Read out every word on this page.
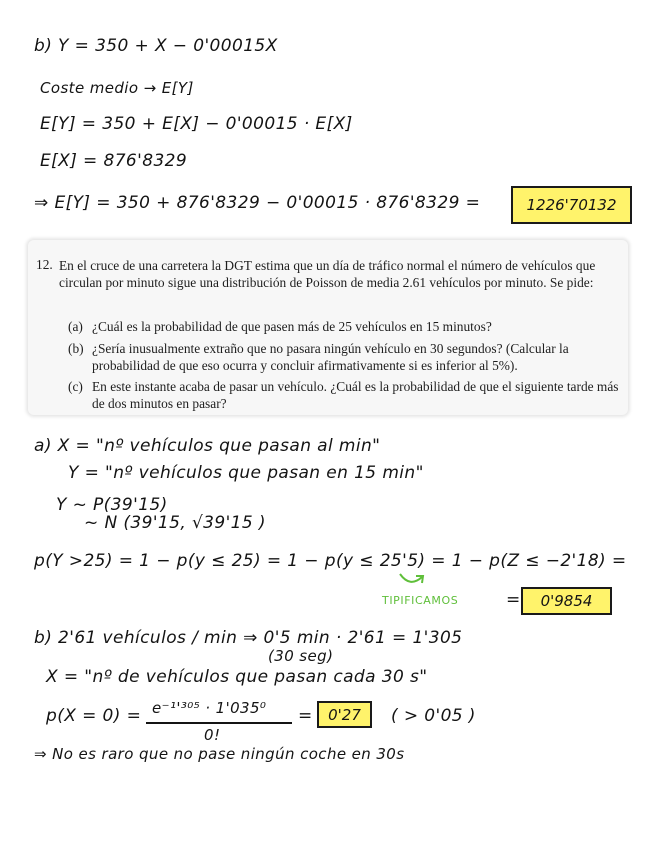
b) Y = 350 + X − 0'00015X
Coste medio → E[Y]
E[Y] = 350 + E[X] − 0'00015 · E[X]
E[X] = 876'8329
⇒ E[Y] = 350 + 876'8329 − 0'00015 · 876'8329 =	1226'70132
12. En el cruce de una carretera la DGT estima que un día de tráfico normal el número de vehículos que circulan por minuto sigue una distribución de Poisson de media 2.61 vehículos por minuto. Se pide:
(a) ¿Cuál es la probabilidad de que pasen más de 25 vehículos en 15 minutos?
(b) ¿Sería inusualmente extraño que no pasara ningún vehículo en 30 segundos? (Calcular la probabilidad de que eso ocurra y concluir afirmativamente si es inferior al 5%).
(c) En este instante acaba de pasar un vehículo. ¿Cuál es la probabilidad de que el siguiente tarde más de dos minutos en pasar?
a) X = "nº vehículos que pasan al min"
Y = "nº vehículos que pasan en 15 min"
Y ~ P(39'15)
~ N (39'15, √39'15 )
p(Y >25) = 1 − p(y ≤ 25) = 1 − p(y ≤ 25'5) = 1 − p(Z ≤ −2'18) =
TIPIFICAMOS	=	0'9854
b) 2'61 vehículos / min ⇒ 0'5 min · 2'61 = 1'305
(30 seg)
X = "nº de vehículos que pasan cada 30 s"
p(X = 0) = e⁻¹'³⁰⁵ · 1'035⁰
0!
=	0'27	( > 0'05 )
⇒ No es raro que no pase ningún coche en 30s
